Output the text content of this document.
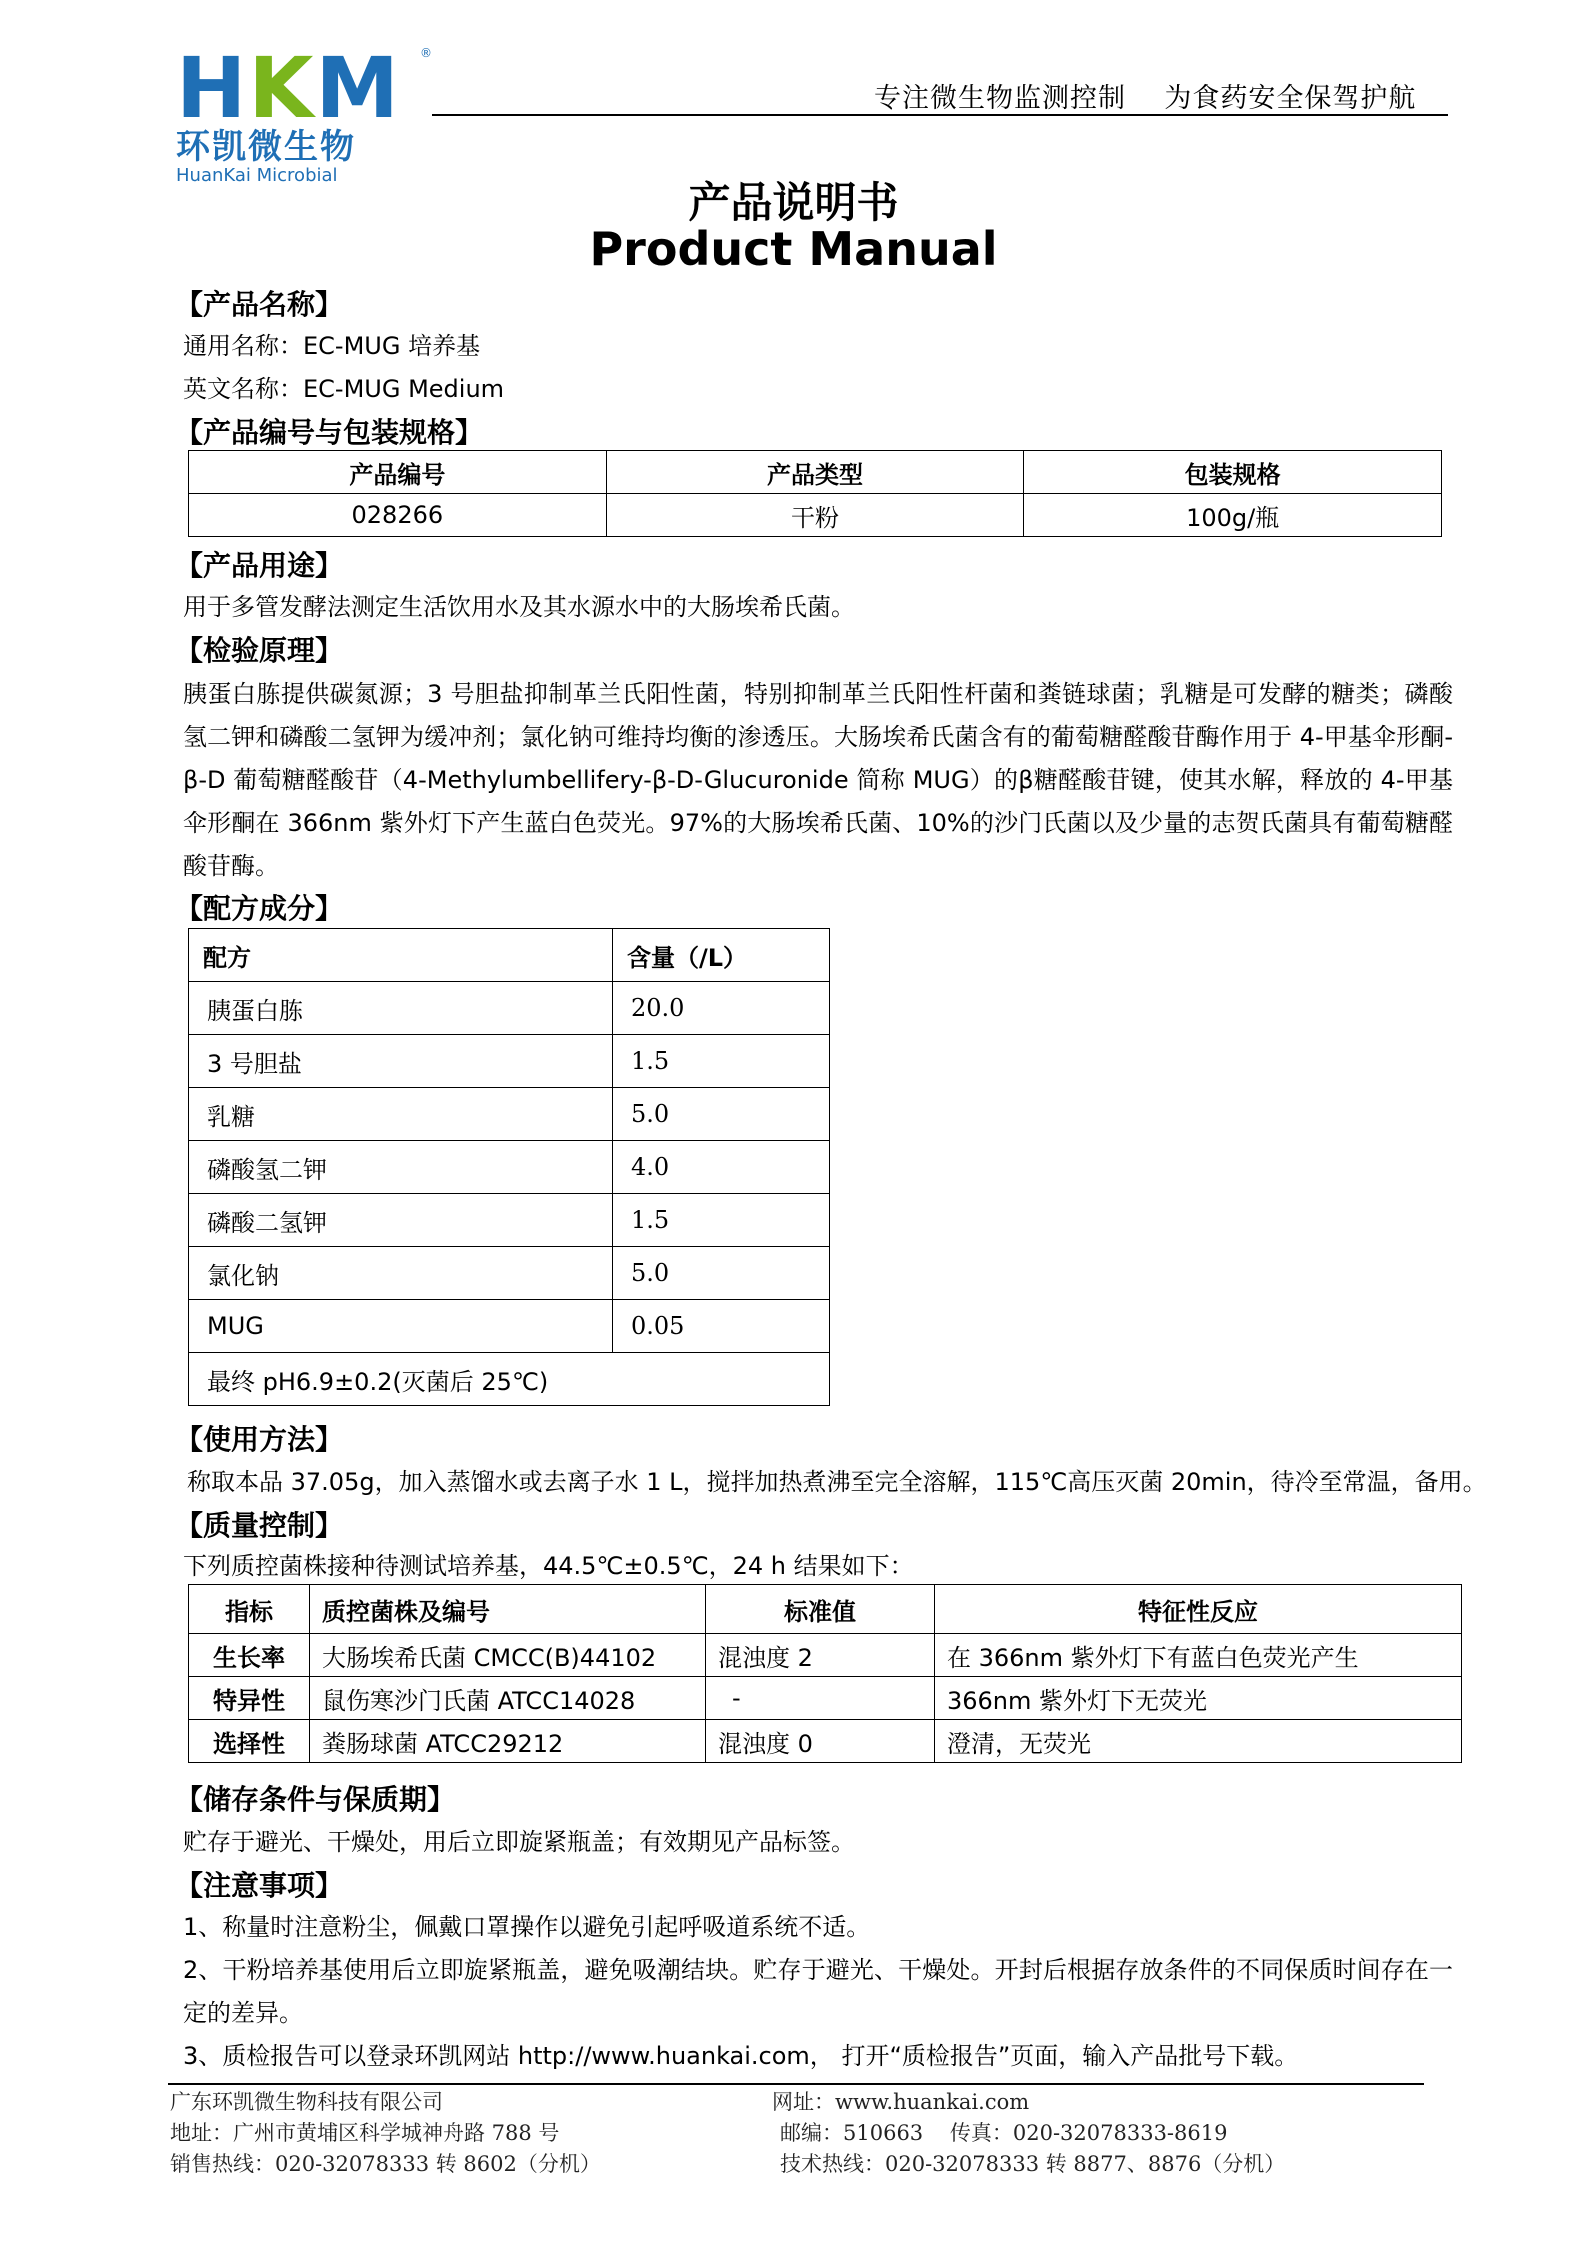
HKM	®
环凯微生物
HuanKai Microbial
专注微生物监测控制    为食药安全保驾护航
产品说明书
Product Manual
【产品名称】
通用名称：EC-MUG 培养基
英文名称：EC-MUG Medium
【产品编号与包装规格】
产品编号	产品类型	包装规格
028266	干粉	100g/瓶
【产品用途】
用于多管发酵法测定生活饮用水及其水源水中的大肠埃希氏菌。
【检验原理】
胰蛋白胨提供碳氮源；3 号胆盐抑制革兰氏阳性菌，特别抑制革兰氏阳性杆菌和粪链球菌；乳糖是可发酵的糖类；磷酸氢二钾和磷酸二氢钾为缓冲剂；氯化钠可维持均衡的渗透压。大肠埃希氏菌含有的葡萄糖醛酸苷酶作用于 4-甲基伞形酮-β-D 葡萄糖醛酸苷（4-Methylumbellifery-β-D-Glucuronide 简称 MUG）的β糖醛酸苷键，使其水解，释放的 4-甲基伞形酮在 366nm 紫外灯下产生蓝白色荧光。97%的大肠埃希氏菌、10%的沙门氏菌以及少量的志贺氏菌具有葡萄糖醛酸苷酶。
【配方成分】
配方	含量（/L）
胰蛋白胨	20.0
3 号胆盐	1.5
乳糖	5.0
磷酸氢二钾	4.0
磷酸二氢钾	1.5
氯化钠	5.0
MUG	0.05
最终 pH6.9±0.2(灭菌后 25℃)	
【使用方法】
称取本品 37.05g，加入蒸馏水或去离子水 1 L，搅拌加热煮沸至完全溶解，115℃高压灭菌 20min，待冷至常温，备用。
【质量控制】
下列质控菌株接种待测试培养基，44.5℃±0.5℃，24 h 结果如下：
指标	质控菌株及编号	标准值	特征性反应
生长率	大肠埃希氏菌 CMCC(B)44102	混浊度 2	在 366nm 紫外灯下有蓝白色荧光产生
特异性	鼠伤寒沙门氏菌 ATCC14028	-	366nm 紫外灯下无荧光
选择性	粪肠球菌 ATCC29212	混浊度 0	澄清，无荧光
【储存条件与保质期】
贮存于避光、干燥处，用后立即旋紧瓶盖；有效期见产品标签。
【注意事项】
1、称量时注意粉尘，佩戴口罩操作以避免引起呼吸道系统不适。
2、干粉培养基使用后立即旋紧瓶盖，避免吸潮结块。贮存于避光、干燥处。开封后根据存放条件的不同保质时间存在一定的差异。
3、质检报告可以登录环凯网站 http://www.huankai.com， 打开“质检报告”页面，输入产品批号下载。
广东环凯微生物科技有限公司
地址：广州市黄埔区科学城神舟路 788 号
销售热线：020-32078333 转 8602（分机）
网址：www.huankai.com
邮编：510663    传真：020-32078333-8619
技术热线：020-32078333 转 8877、8876（分机）
